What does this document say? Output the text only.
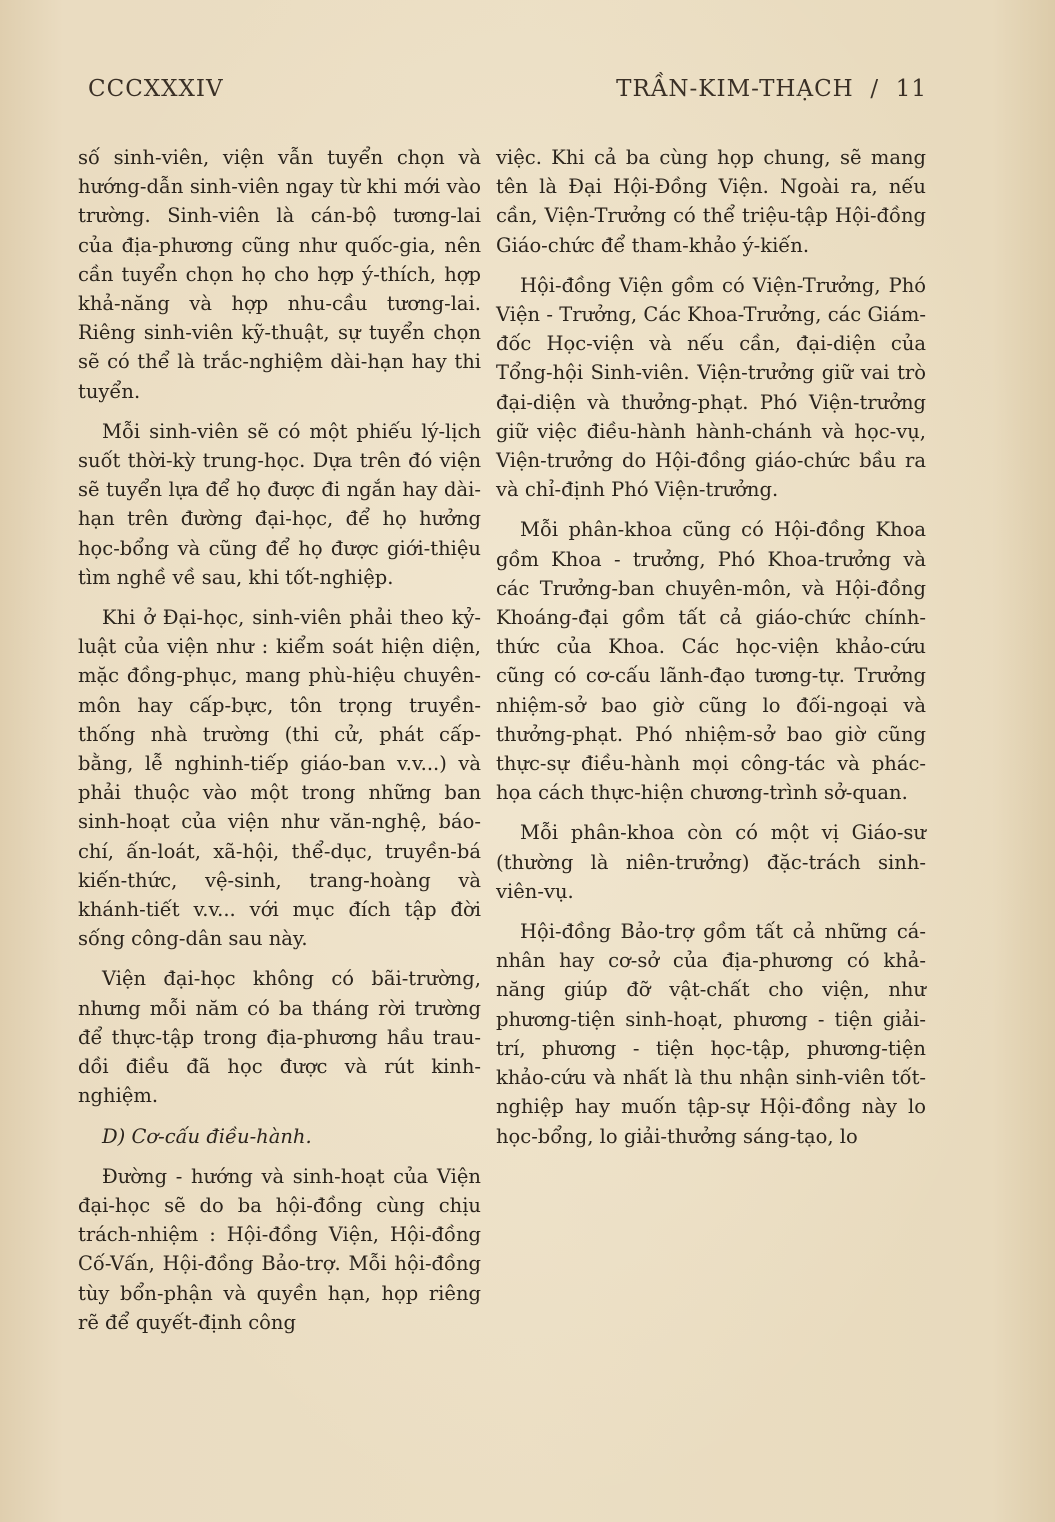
CCCXXXIV	TRẦN-KIM-THẠCH  /  11

số sinh-viên, viện vẫn tuyển chọn và hướng-dẫn sinh-viên ngay từ khi mới vào trường. Sinh-viên là cán-bộ tương-lai của địa-phương cũng như quốc-gia, nên cần tuyển chọn họ cho hợp ý-thích, hợp khả-năng và hợp nhu-cầu tương-lai. Riêng sinh-viên kỹ-thuật, sự tuyển chọn sẽ có thể là trắc-nghiệm dài-hạn hay thi tuyển.

Mỗi sinh-viên sẽ có một phiếu lý-lịch suốt thời-kỳ trung-học. Dựa trên đó viện sẽ tuyển lựa để họ được đi ngắn hay dài-hạn trên đường đại-học, để họ hưởng học-bổng và cũng để họ được giới-thiệu tìm nghề về sau, khi tốt-nghiệp.

Khi ở Đại-học, sinh-viên phải theo kỷ-luật của viện như : kiểm soát hiện diện, mặc đồng-phục, mang phù-hiệu chuyên-môn hay cấp-bực, tôn trọng truyền-thống nhà trường (thi cử, phát cấp-bằng, lễ nghinh-tiếp giáo-ban v.v...) và phải thuộc vào một trong những ban sinh-hoạt của viện như văn-nghệ, báo-chí, ấn-loát, xã-hội, thể-dục, truyền-bá kiến-thức, vệ-sinh, trang-hoàng và khánh-tiết v.v... với mục đích tập đời sống công-dân sau này.

Viện đại-học không có bãi-trường, nhưng mỗi năm có ba tháng rời trường để thực-tập trong địa-phương hầu trau-dồi điều đã học được và rút kinh-nghiệm.

D) Cơ-cấu điều-hành.

Đường - hướng và sinh-hoạt của Viện đại-học sẽ do ba hội-đồng cùng chịu trách-nhiệm : Hội-đồng Viện, Hội-đồng Cố-Vấn, Hội-đồng Bảo-trợ. Mỗi hội-đồng tùy bổn-phận và quyền hạn, họp riêng rẽ để quyết-định công

việc. Khi cả ba cùng họp chung, sẽ mang tên là Đại Hội-Đồng Viện. Ngoài ra, nếu cần, Viện-Trưởng có thể triệu-tập Hội-đồng Giáo-chức để tham-khảo ý-kiến.

Hội-đồng Viện gồm có Viện-Trưởng, Phó Viện - Trưởng, Các Khoa-Trưởng, các Giám-đốc Học-viện và nếu cần, đại-diện của Tổng-hội Sinh-viên. Viện-trưởng giữ vai trò đại-diện và thưởng-phạt. Phó Viện-trưởng giữ việc điều-hành hành-chánh và học-vụ, Viện-trưởng do Hội-đồng giáo-chức bầu ra và chỉ-định Phó Viện-trưởng.

Mỗi phân-khoa cũng có Hội-đồng Khoa gồm Khoa - trưởng, Phó Khoa-trưởng và các Trưởng-ban chuyên-môn, và Hội-đồng Khoáng-đại gồm tất cả giáo-chức chính-thức của Khoa. Các học-viện khảo-cứu cũng có cơ-cấu lãnh-đạo tương-tự. Trưởng nhiệm-sở bao giờ cũng lo đối-ngoại và thưởng-phạt. Phó nhiệm-sở bao giờ cũng thực-sự điều-hành mọi công-tác và phác-họa cách thực-hiện chương-trình sở-quan.

Mỗi phân-khoa còn có một vị Giáo-sư (thường là niên-trưởng) đặc-trách sinh-viên-vụ.

Hội-đồng Bảo-trợ gồm tất cả những cá-nhân hay cơ-sở của địa-phương có khả-năng giúp đỡ vật-chất cho viện, như phương-tiện sinh-hoạt, phương - tiện giải-trí, phương - tiện học-tập, phương-tiện khảo-cứu và nhất là thu nhận sinh-viên tốt-nghiệp hay muốn tập-sự Hội-đồng này lo học-bổng, lo giải-thưởng sáng-tạo, lo
